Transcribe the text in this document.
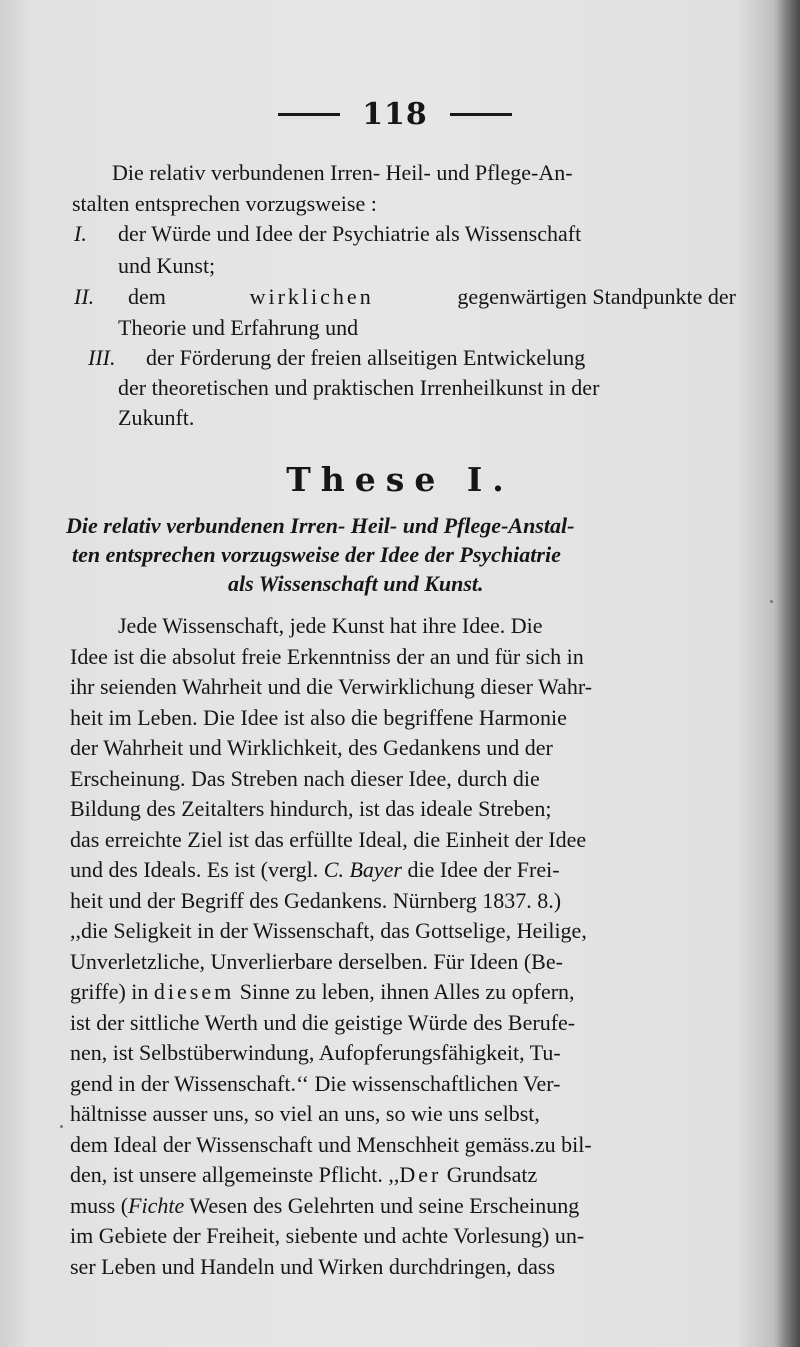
118
Die relativ verbundenen Irren- Heil- und Pflege-An-
stalten entsprechen vorzugsweise :
I. der Würde und Idee der Psychiatrie als Wissenschaft
und Kunst;
II. dem	wirklichen	gegenwärtigen Standpunkte der
Theorie und Erfahrung und
III. der Förderung der freien allseitigen Entwickelung
der theoretischen und praktischen Irrenheilkunst in der
Zukunft.
These I.
Die relativ verbundenen Irren- Heil- und Pflege-Anstal-
ten entsprechen vorzugsweise der Idee der Psychiatrie
als Wissenschaft und Kunst.
Jede Wissenschaft, jede Kunst hat ihre Idee. Die
Idee ist die absolut freie Erkenntniss der an und für sich in
ihr seienden Wahrheit und die Verwirklichung dieser Wahr-
heit im Leben. Die Idee ist also die begriffene Harmonie
der Wahrheit und Wirklichkeit, des Gedankens und der
Erscheinung. Das Streben nach dieser Idee, durch die
Bildung des Zeitalters hindurch, ist das ideale Streben;
das erreichte Ziel ist das erfüllte Ideal, die Einheit der Idee
und des Ideals. Es ist (vergl. C. Bayer die Idee der Frei-
heit und der Begriff des Gedankens. Nürnberg 1837. 8.)
,,die Seligkeit in der Wissenschaft, das Gottselige, Heilige,
Unverletzliche, Unverlierbare derselben. Für Ideen (Be-
griffe) in diesem Sinne zu leben, ihnen Alles zu opfern,
ist der sittliche Werth und die geistige Würde des Berufe-
nen, ist Selbstüberwindung, Aufopferungsfähigkeit, Tu-
gend in der Wissenschaft.‘‘ Die wissenschaftlichen Ver-
hältnisse ausser uns, so viel an uns, so wie uns selbst,
dem Ideal der Wissenschaft und Menschheit gemäss.zu bil-
den, ist unsere allgemeinste Pflicht. ,,Der Grundsatz
muss (Fichte Wesen des Gelehrten und seine Erscheinung
im Gebiete der Freiheit, siebente und achte Vorlesung) un-
ser Leben und Handeln und Wirken durchdringen, dass
